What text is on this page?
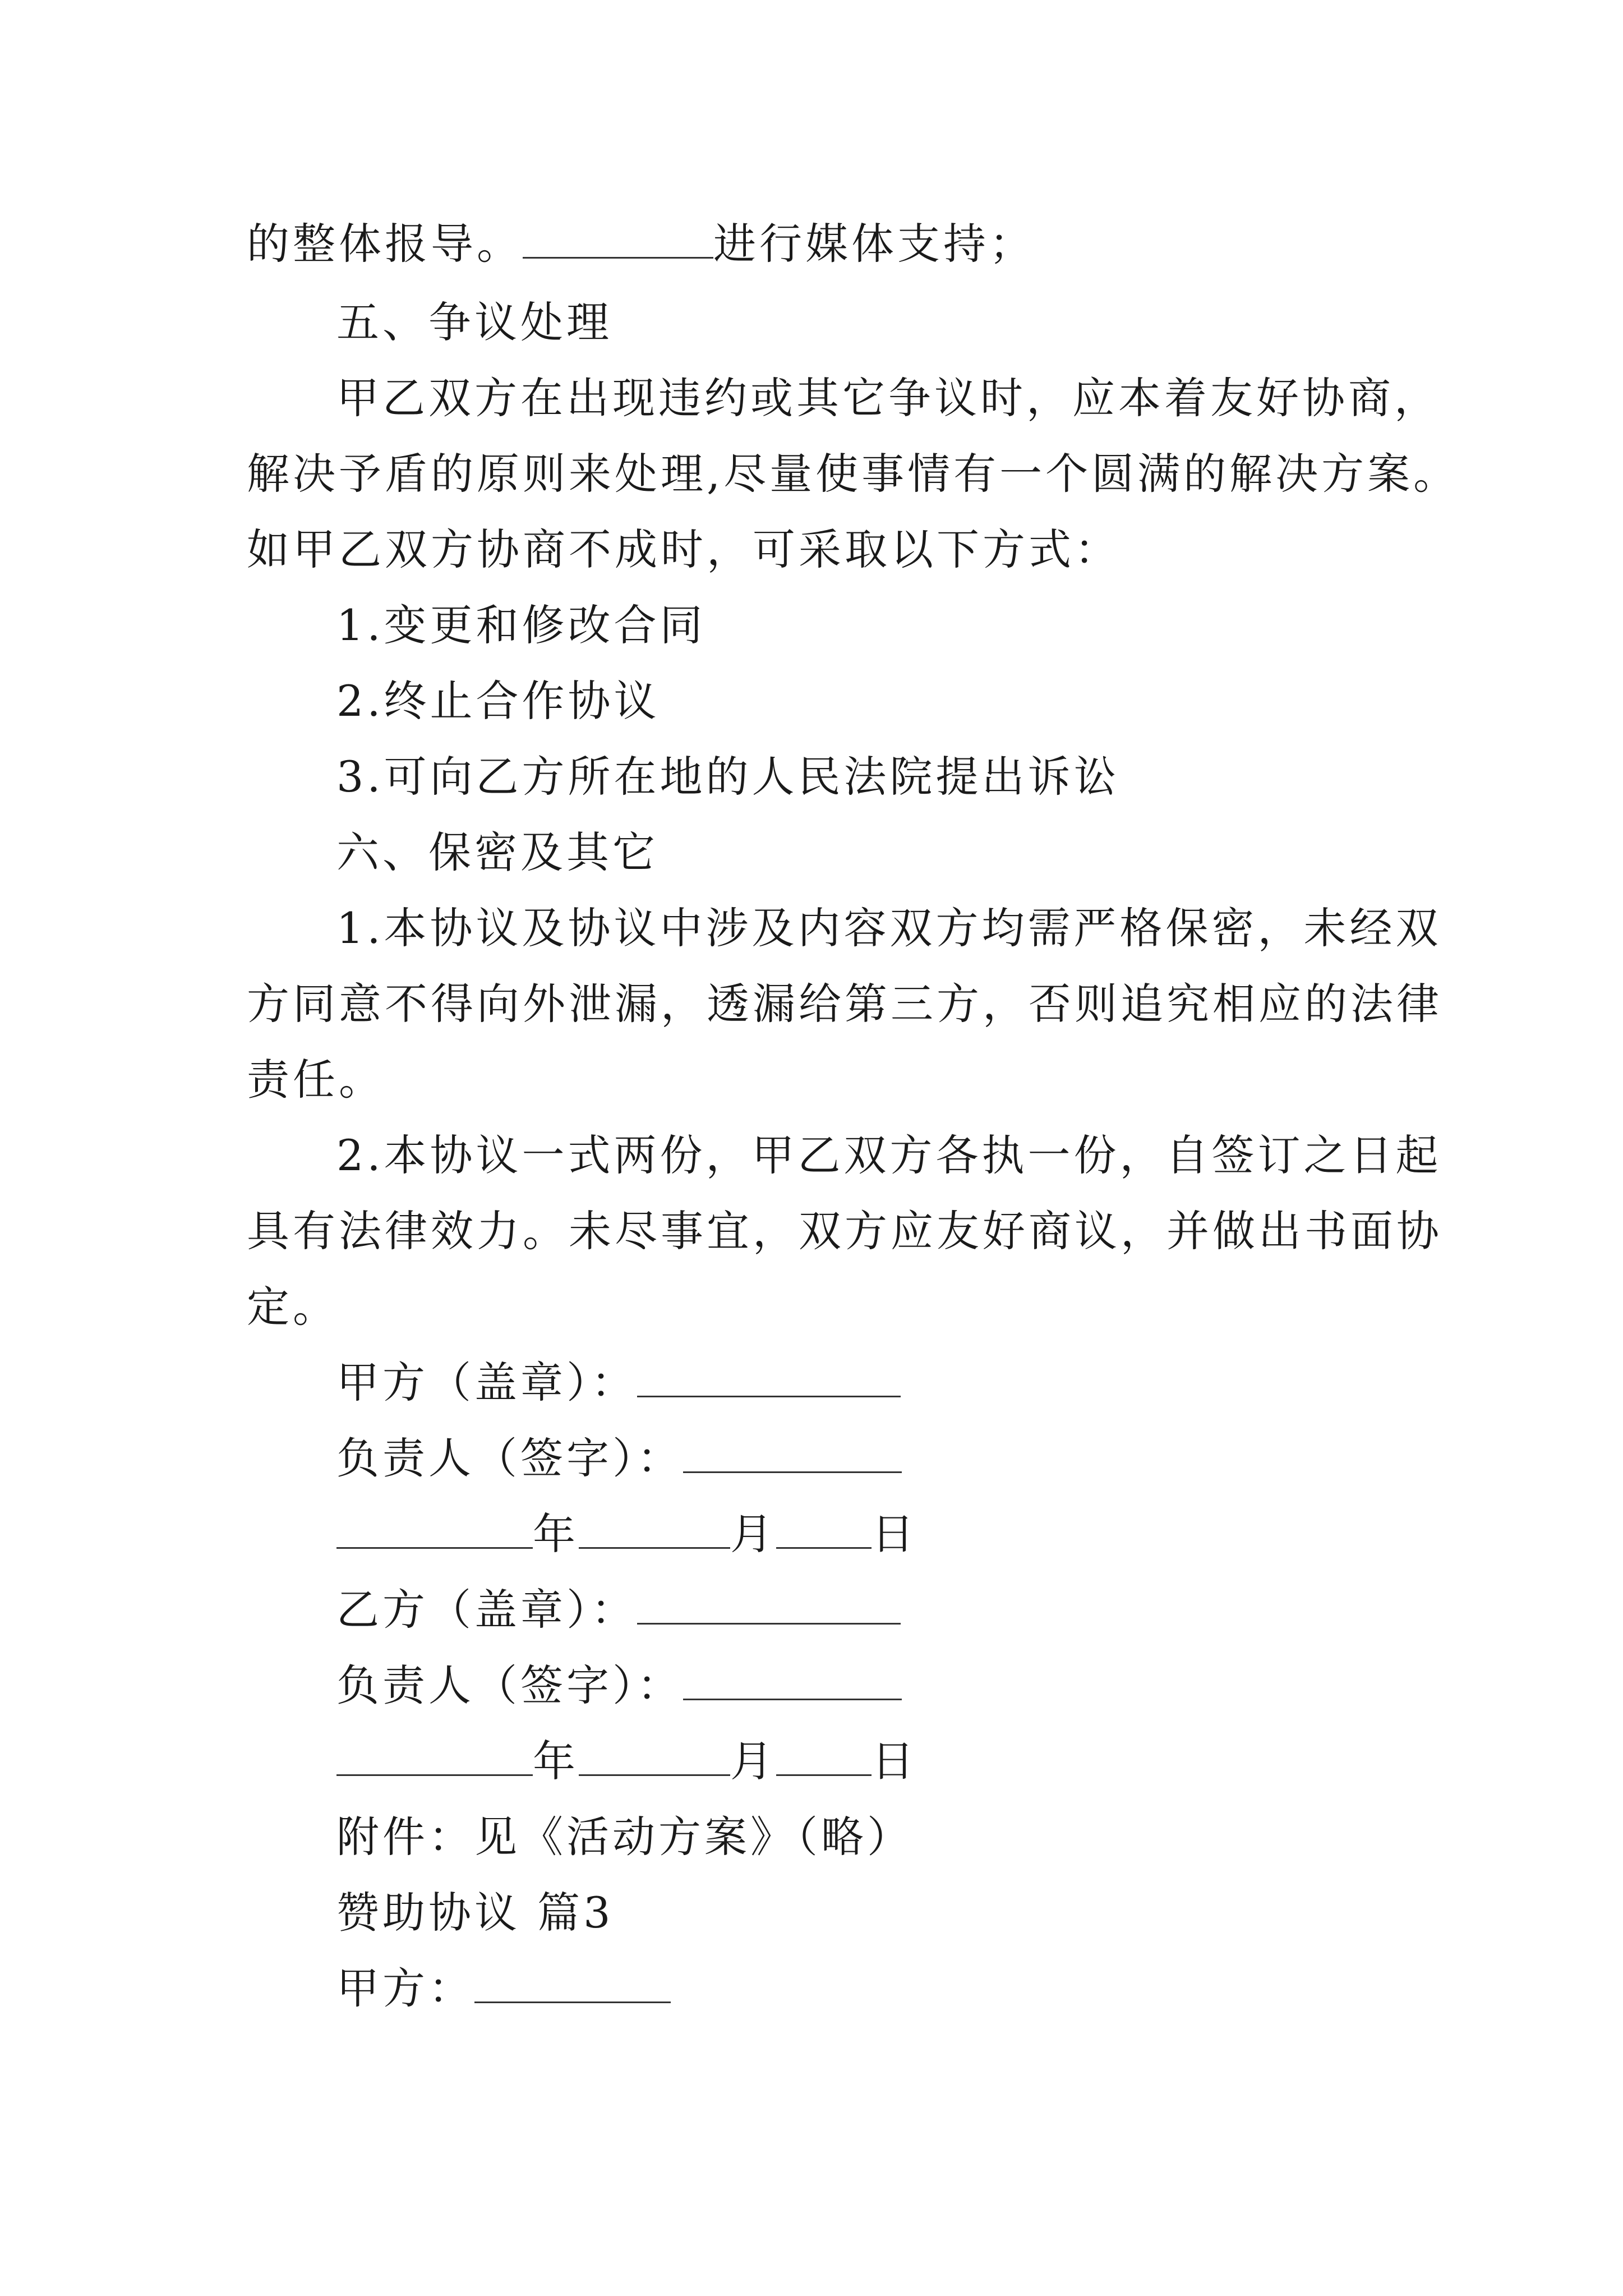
的整体报导。	进行媒体支持；
五、争议处理
甲乙双方在出现违约或其它争议时，应本着友好协商，
解决予盾的原则来处理,尽量使事情有一个圆满的解决方案。
如甲乙双方协商不成时，可采取以下方式：
1.变更和修改合同
2.终止合作协议
3.可向乙方所在地的人民法院提出诉讼
六、保密及其它
1.本协议及协议中涉及内容双方均需严格保密，未经双
方同意不得向外泄漏，透漏给第三方，否则追究相应的法律
责任。
2.本协议一式两份，甲乙双方各执一份，自签订之日起
具有法律效力。未尽事宜，双方应友好商议，并做出书面协
定。
甲方（盖章）：
负责人（签字）：
年	月 日
乙方（盖章）：
负责人（签字）：
年	月 日
附件：见《活动方案》（略）
赞助协议 篇3
甲方：
